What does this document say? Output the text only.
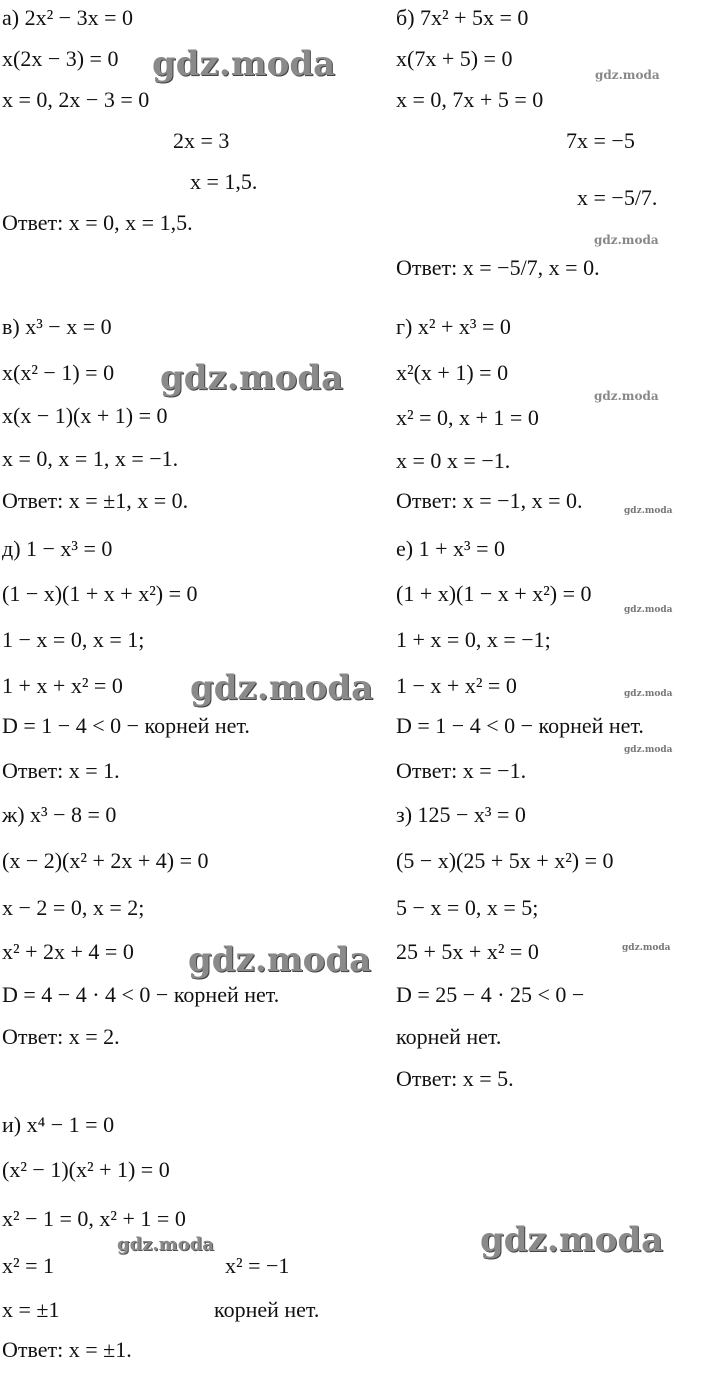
а) 2x² − 3x = 0
x(2x − 3) = 0
x = 0, 2x − 3 = 0
2x = 3
x = 1,5.
Ответ: x = 0, x = 1,5.
в) x³ − x = 0
x(x² − 1) = 0
x(x − 1)(x + 1) = 0
x = 0, x = 1, x = −1.
Ответ: x = ±1, x = 0.
д) 1 − x³ = 0
(1 − x)(1 + x + x²) = 0
1 − x = 0, x = 1;
1 + x + x² = 0
D = 1 − 4 < 0 − корней нет.
Ответ: x = 1.
ж) x³ − 8 = 0
(x − 2)(x² + 2x + 4) = 0
x − 2 = 0, x = 2;
x² + 2x + 4 = 0
D = 4 − 4 · 4 < 0 − корней нет.
Ответ: x = 2.
и) x⁴ − 1 = 0
(x² − 1)(x² + 1) = 0
x² − 1 = 0, x² + 1 = 0
x² = 1	x² = −1
x = ±1	корней нет.
Ответ: x = ±1.
б) 7x² + 5x = 0
x(7x + 5) = 0
x = 0, 7x + 5 = 0
7x = −5
x = −5/7.
Ответ: x = −5/7, x = 0.
г) x² + x³ = 0
x²(x + 1) = 0
x² = 0, x + 1 = 0
x = 0 x = −1.
Ответ: x = −1, x = 0.
е) 1 + x³ = 0
(1 + x)(1 − x + x²) = 0
1 + x = 0, x = −1;
1 − x + x² = 0
D = 1 − 4 < 0 − корней нет.
Ответ: x = −1.
з) 125 − x³ = 0
(5 − x)(25 + 5x + x²) = 0
5 − x = 0, x = 5;
25 + 5x + x² = 0
D = 25 − 4 · 25 < 0 −
корней нет.
Ответ: x = 5.
gdz.moda
gdz.moda
gdz.moda
gdz.moda
gdz.moda
gdz.moda
gdz.moda
gdz.moda
gdz.moda
gdz.moda
gdz.moda
gdz.moda
gdz.moda
gdz.moda
